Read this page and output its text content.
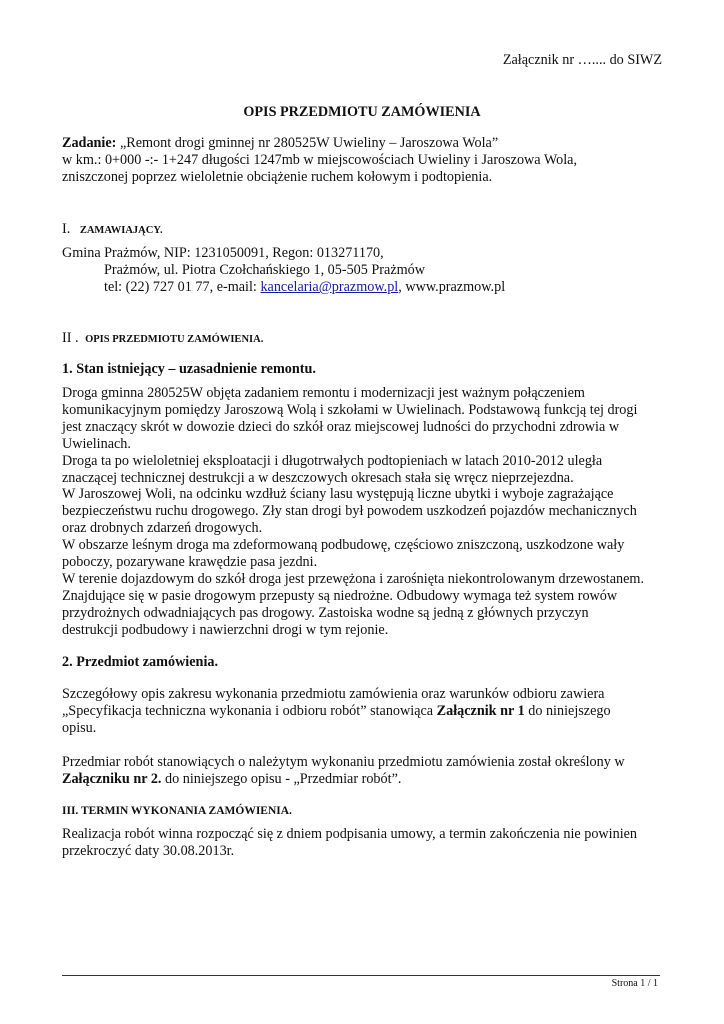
Załącznik nr ….... do SIWZ
OPIS PRZEDMIOTU ZAMÓWIENIA
Zadanie: „Remont drogi gminnej nr 280525W Uwieliny – Jaroszowa Wola”
w km.: 0+000 -:- 1+247 długości 1247mb w miejscowościach Uwieliny i Jaroszowa Wola,
zniszczonej poprzez wieloletnie obciążenie ruchem kołowym i podtopienia.
I. ZAMAWIAJĄCY.
Gmina Prażmów, NIP: 1231050091, Regon: 013271170,
Prażmów, ul. Piotra Czołchańskiego 1, 05-505 Prażmów
tel: (22) 727 01 77, e-mail: kancelaria@prazmow.pl, www.prazmow.pl
II . OPIS PRZEDMIOTU ZAMÓWIENIA.
1. Stan istniejący – uzasadnienie remontu.
Droga gminna 280525W objęta zadaniem remontu i modernizacji jest ważnym połączeniem
komunikacyjnym pomiędzy Jaroszową Wolą i szkołami w Uwielinach. Podstawową funkcją tej drogi
jest znaczący skrót w dowozie dzieci do szkół oraz miejscowej ludności do przychodni zdrowia w
Uwielinach.
Droga ta po wieloletniej eksploatacji i długotrwałych podtopieniach w latach 2010-2012 uległa
znaczącej technicznej destrukcji a w deszczowych okresach stała się wręcz nieprzejezdna.
W Jaroszowej Woli, na odcinku wzdłuż ściany lasu występują liczne ubytki i wyboje zagrażające
bezpieczeństwu ruchu drogowego. Zły stan drogi był powodem uszkodzeń pojazdów mechanicznych
oraz drobnych zdarzeń drogowych.
W obszarze leśnym droga ma zdeformowaną podbudowę, częściowo zniszczoną, uszkodzone wały
poboczy, pozarywane krawędzie pasa jezdni.
W terenie dojazdowym do szkół droga jest przewężona i zarośnięta niekontrolowanym drzewostanem.
Znajdujące się w pasie drogowym przepusty są niedrożne. Odbudowy wymaga też system rowów
przydrożnych odwadniających pas drogowy. Zastoiska wodne są jedną z głównych przyczyn
destrukcji podbudowy i nawierzchni drogi w tym rejonie.
2. Przedmiot zamówienia.
Szczegółowy opis zakresu wykonania przedmiotu zamówienia oraz warunków odbioru zawiera
„Specyfikacja techniczna wykonania i odbioru robót” stanowiąca Załącznik nr 1 do niniejszego
opisu.
Przedmiar robót stanowiących o należytym wykonaniu przedmiotu zamówienia został określony w
Załączniku nr 2. do niniejszego opisu - „Przedmiar robót”.
III. TERMIN WYKONANIA ZAMÓWIENIA.
Realizacja robót winna rozpocząć się z dniem podpisania umowy, a termin zakończenia nie powinien
przekroczyć daty 30.08.2013r.
Strona 1 / 1
